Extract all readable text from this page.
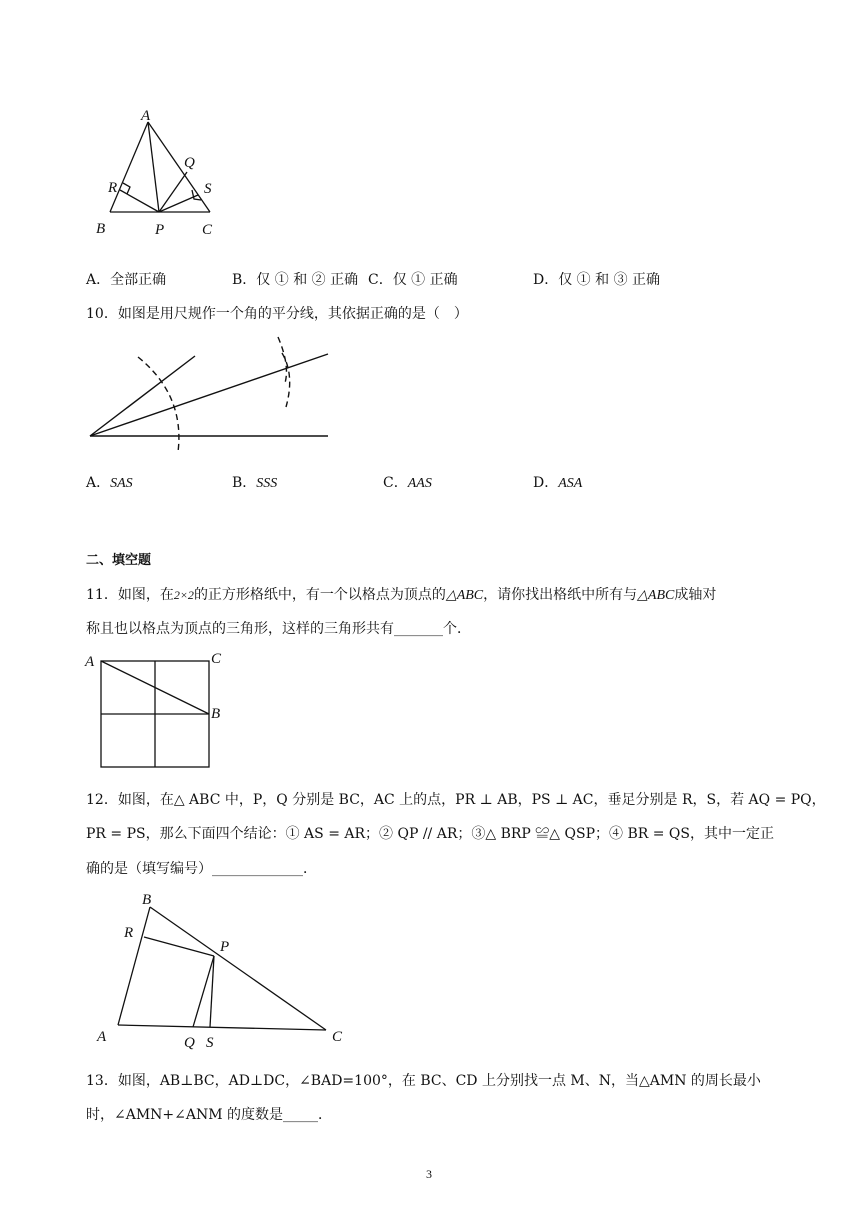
A
Q
R	S
B	P	C
A．全部正确	B．仅 ① 和 ② 正确 C．仅 ① 正确	D．仅 ① 和 ③ 正确
10．如图是用尺规作一个角的平分线，其依据正确的是（　）
A．SAS	B．SSS	C．AAS	D．ASA
二、填空题
11．如图，在2×2的正方形格纸中，有一个以格点为顶点的△ABC，请你找出格纸中所有与△ABC成轴对
称且也以格点为顶点的三角形，这样的三角形共有_______个．
A	C
B
12．如图，在△ ABC 中，P，Q 分别是 BC，AC 上的点，PR ⊥ AB，PS ⊥ AC，垂足分别是 R，S，若 AQ = PQ，
PR = PS，那么下面四个结论：① AS = AR；② QP // AR；③△ BRP ≌△ QSP；④ BR = QS，其中一定正
确的是（填写编号）_____________．
B
R
P
A	Q S	C
13．如图，AB⊥BC，AD⊥DC，∠BAD=100°，在 BC、CD 上分别找一点 M、N，当△AMN 的周长最小
时，∠AMN+∠ANM 的度数是_____．
3
